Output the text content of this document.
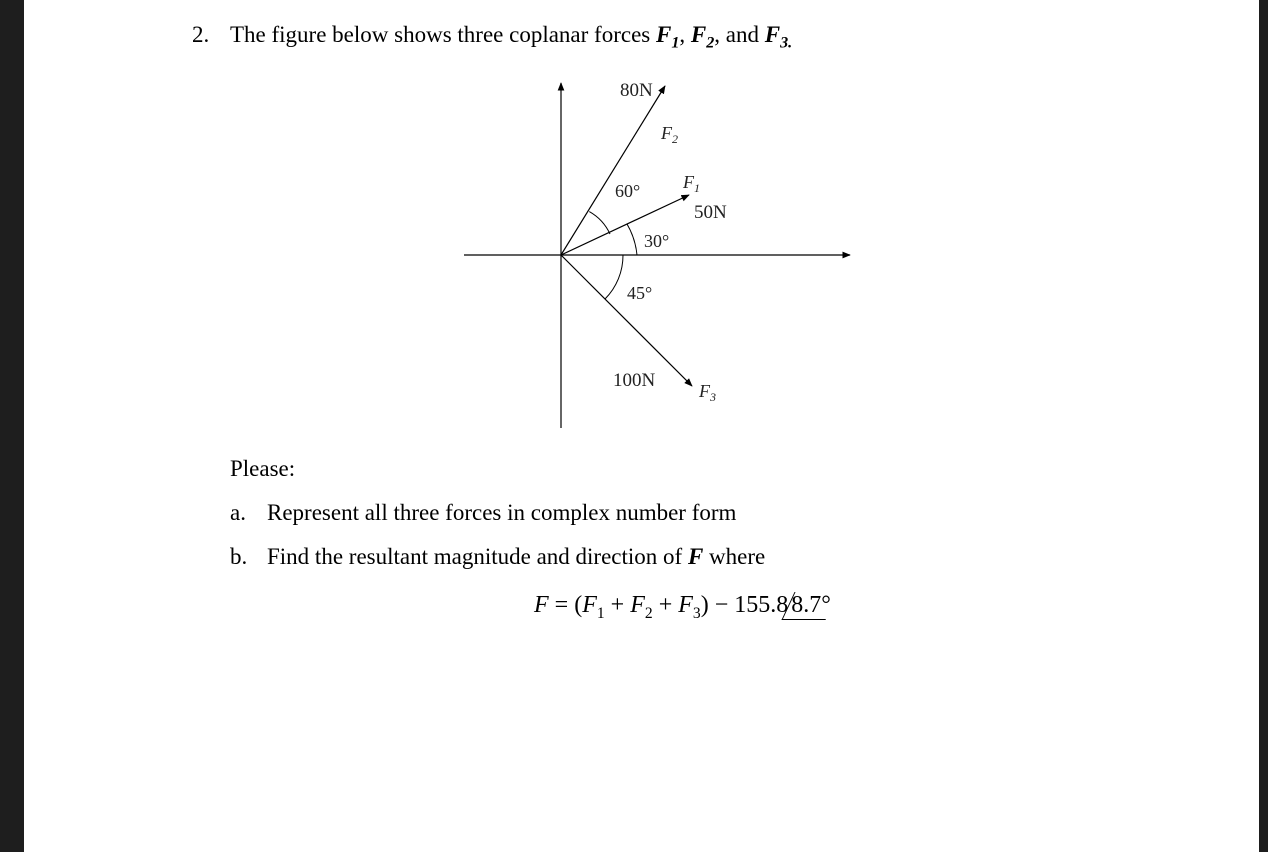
2. The figure below shows three coplanar forces $F_1$, $F_2$, and $F_{3.}$
80N
$F_2$
60° $F_1$
50N
30°
45°
100N $F_3$
Please:
a. Represent all three forces in complex number form
b. Find the resultant magnitude and direction of F where
$F = (F_1 + F_2 + F_3) - 155.8$ 8.7°
